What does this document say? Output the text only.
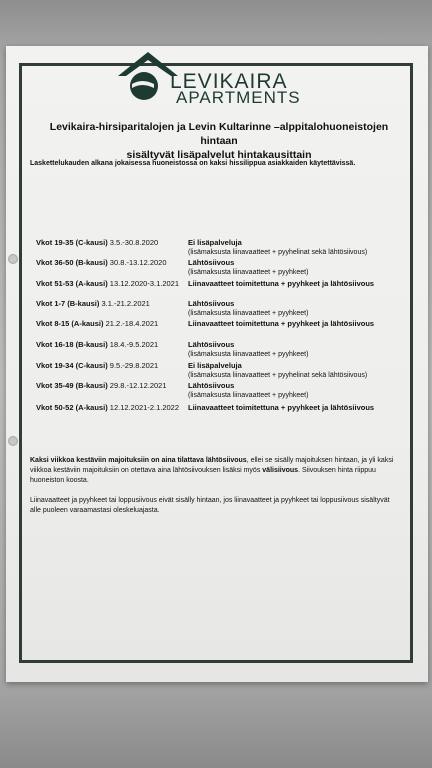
LEVIKAIRA
APARTMENTS
Levikaira-hirsiparitalojen ja Levin Kultarinne –alppitalohuoneistojen hintaan
sisältyvät lisäpalvelut hintakausittain
Laskettelukauden alkana jokaisessa huoneistossa on kaksi hissilippua asiakkaiden käytettävissä.
Vkot 19-35 (C-kausi) 3.5.-30.8.2020	Ei lisäpalveluja
(lisämaksusta liinavaatteet + pyyhelinat sekä lähtösiivous)
Vkot 36-50 (B-kausi) 30.8.-13.12.2020	Lähtösiivous
(lisämaksusta liinavaatteet + pyyhkeet)
Vkot 51-53 (A-kausi) 13.12.2020-3.1.2021 Liinavaatteet toimitettuna + pyyhkeet ja lähtösiivous
Vkot 1-7 (B-kausi) 3.1.-21.2.2021	Lähtösiivous
(lisämaksusta liinavaatteet + pyyhkeet)
Vkot 8-15 (A-kausi) 21.2.-18.4.2021	Liinavaatteet toimitettuna + pyyhkeet ja lähtösiivous
Vkot 16-18 (B-kausi) 18.4.-9.5.2021	Lähtösiivous
(lisämaksusta liinavaatteet + pyyhkeet)
Vkot 19-34 (C-kausi) 9.5.-29.8.2021	Ei lisäpalveluja
(lisämaksusta liinavaatteet + pyyhelinat sekä lähtösiivous)
Vkot 35-49 (B-kausi) 29.8.-12.12.2021	Lähtösiivous
(lisämaksusta liinavaatteet + pyyhkeet)
Vkot 50-52 (A-kausi) 12.12.2021-2.1.2022 Liinavaatteet toimitettuna + pyyhkeet ja lähtösiivous
Kaksi viikkoa kestäviin majoituksiin on aina tilattava lähtösiivous, ellei se sisälly majoituksen hintaan, ja yli kaksi viikkoa kestäviin majoituksiin on otettava aina lähtösiivouksen lisäksi myös välisiivous. Siivouksen hinta riippuu huoneiston koosta.
Liinavaatteet ja pyyhkeet tai loppusiivous eivät sisälly hintaan, jos liinavaatteet ja pyyhkeet tai loppusiivous sisältyvät alle puoleen varaamastasi oleskeluajasta.
